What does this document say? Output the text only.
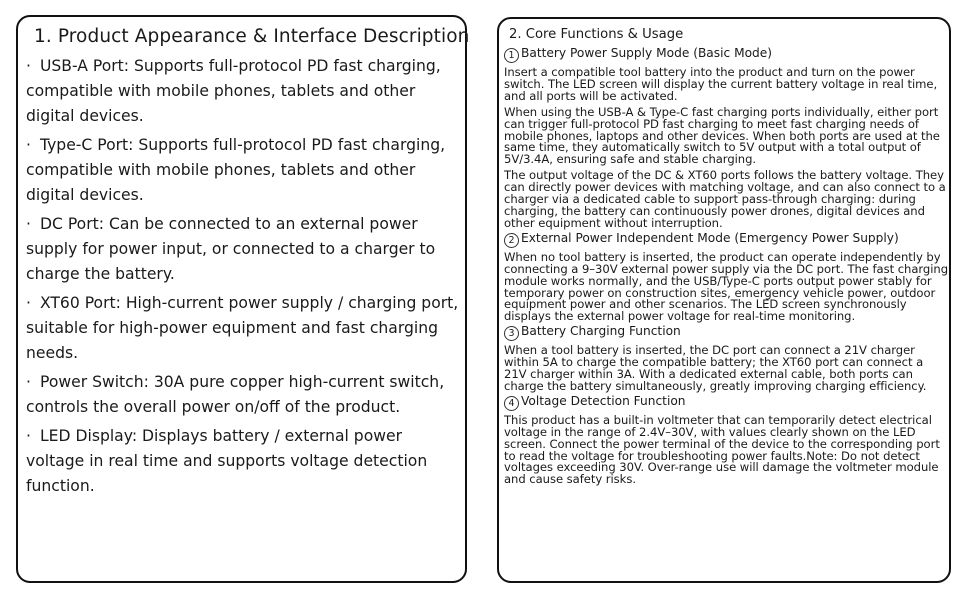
1. Product Appearance & Interface Description
· USB-A Port: Supports full-protocol PD fast charging, compatible with mobile phones, tablets and other digital devices.
· Type-C Port: Supports full-protocol PD fast charging, compatible with mobile phones, tablets and other digital devices.
· DC Port: Can be connected to an external power supply for power input, or connected to a charger to charge the battery.
· XT60 Port: High-current power supply / charging port, suitable for high-power equipment and fast charging needs.
· Power Switch: 30A pure copper high-current switch, controls the overall power on/off of the product.
· LED Display: Displays battery / external power voltage in real time and supports voltage detection function.
2. Core Functions & Usage
1 Battery Power Supply Mode (Basic Mode)
Insert a compatible tool battery into the product and turn on the power switch. The LED screen will display the current battery voltage in real time, and all ports will be activated.
When using the USB-A & Type-C fast charging ports individually, either port can trigger full-protocol PD fast charging to meet fast charging needs of mobile phones, laptops and other devices. When both ports are used at the same time, they automatically switch to 5V output with a total output of 5V/3.4A, ensuring safe and stable charging.
The output voltage of the DC & XT60 ports follows the battery voltage. They can directly power devices with matching voltage, and can also connect to a charger via a dedicated cable to support pass-through charging: during charging, the battery can continuously power drones, digital devices and other equipment without interruption.
2 External Power Independent Mode (Emergency Power Supply)
When no tool battery is inserted, the product can operate independently by connecting a 9–30V external power supply via the DC port. The fast charging module works normally, and the USB/Type-C ports output power stably for temporary power on construction sites, emergency vehicle power, outdoor equipment power and other scenarios. The LED screen synchronously displays the external power voltage for real-time monitoring.
3 Battery Charging Function
When a tool battery is inserted, the DC port can connect a 21V charger within 5A to charge the compatible battery; the XT60 port can connect a 21V charger within 3A. With a dedicated external cable, both ports can charge the battery simultaneously, greatly improving charging efficiency.
4 Voltage Detection Function
This product has a built-in voltmeter that can temporarily detect electrical voltage in the range of 2.4V–30V, with values clearly shown on the LED screen. Connect the power terminal of the device to the corresponding port to read the voltage for troubleshooting power faults.Note: Do not detect voltages exceeding 30V. Over-range use will damage the voltmeter module and cause safety risks.
